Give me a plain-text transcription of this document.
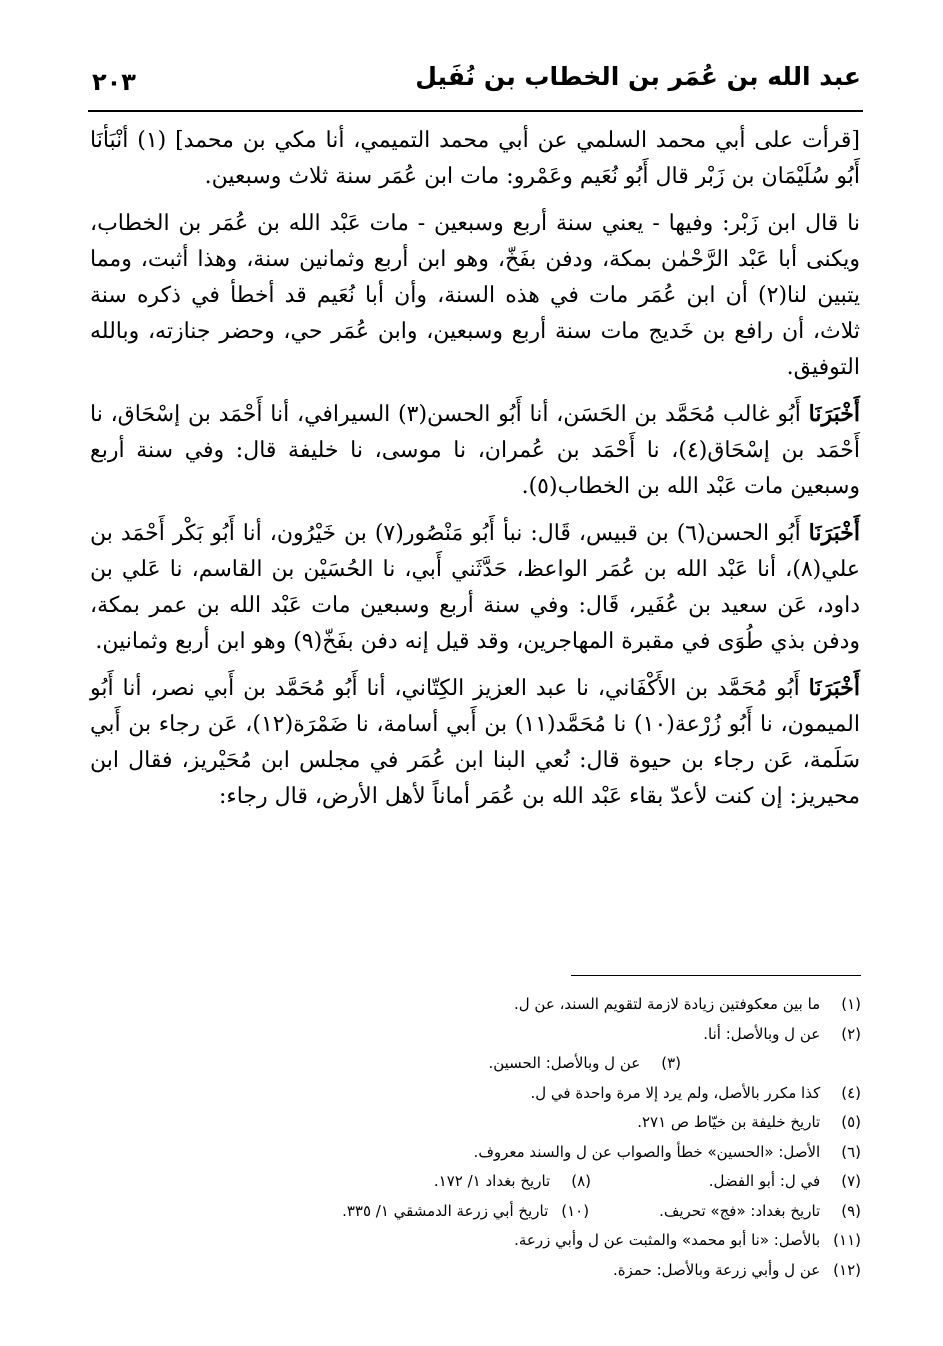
عبد الله بن عُمَر بن الخطاب بن نُفَيل
٢٠٣

[قرأت على أبي محمد السلمي عن أبي محمد التميمي، أنا مكي بن محمد] (١) أنْبَأنَا أَبُو سُلَيْمَان بن زَبْر قال أَبُو نُعَيم وعَمْرو: مات ابن عُمَر سنة ثلاث وسبعين.

نا قال ابن زَبْر: وفيها - يعني سنة أربع وسبعين - مات عَبْد الله بن عُمَر بن الخطاب، ويكنى أبا عَبْد الرَّحْمٰن بمكة، ودفن بفَخّ، وهو ابن أربع وثمانين سنة، وهذا أثبت، ومما يتبين لنا(٢) أن ابن عُمَر مات في هذه السنة، وأن أبا نُعَيم قد أخطأ في ذكره سنة ثلاث، أن رافع بن خَديج مات سنة أربع وسبعين، وابن عُمَر حي، وحضر جنازته، وبالله التوفيق.

أَخْبَرَنَا أَبُو غالب مُحَمَّد بن الحَسَن، أنا أَبُو الحسن(٣) السيرافي، أنا أَحْمَد بن إسْحَاق، نا أَحْمَد بن إسْحَاق(٤)، نا أَحْمَد بن عُمران، نا موسى، نا خليفة قال: وفي سنة أربع وسبعين مات عَبْد الله بن الخطاب(٥).

أَخْبَرَنَا أَبُو الحسن(٦) بن قبيس، قَال: نبأ أَبُو مَنْصُور(٧) بن خَيْرُون، أنا أَبُو بَكْر أَحْمَد بن علي(٨)، أنا عَبْد الله بن عُمَر الواعظ، حَدَّثَني أَبي، نا الحُسَيْن بن القاسم، نا عَلي بن داود، عَن سعيد بن عُفَير، قَال: وفي سنة أربع وسبعين مات عَبْد الله بن عمر بمكة، ودفن بذي طُوَى في مقبرة المهاجرين، وقد قيل إنه دفن بفَخّ(٩) وهو ابن أربع وثمانين.

أَخْبَرَنَا أَبُو مُحَمَّد بن الأَكْفَاني، نا عبد العزيز الكِتّاني، أنا أَبُو مُحَمَّد بن أَبي نصر، أنا أَبُو الميمون، نا أَبُو زُرْعة(١٠) نا مُحَمَّد(١١) بن أَبي أسامة، نا ضَمْرَة(١٢)، عَن رجاء بن أَبي سَلَمة، عَن رجاء بن حيوة قال: نُعي البنا ابن عُمَر في مجلس ابن مُحَيْريز، فقال ابن محيريز: إن كنت لأعدّ بقاء عَبْد الله بن عُمَر أماناً لأهل الأرض، قال رجاء:

(١) ما بين معكوفتين زيادة لازمة لتقويم السند، عن ل.
(٢) عن ل وبالأصل: أنا.
(٣) عن ل وبالأصل: الحسين.
(٤) كذا مكرر بالأصل، ولم يرد إلا مرة واحدة في ل.
(٥) تاريخ خليفة بن خيّاط ص ٢٧١.
(٦) الأصل: «الحسين» خطأ والصواب عن ل والسند معروف.
(٧) في ل: أبو الفضل.
(٨) تاريخ بغداد ١/ ١٧٢.
(٩) تاريخ بغداد: «فج» تحريف.
(١٠) تاريخ أبي زرعة الدمشقي ١/ ٣٣٥.
(١١) بالأصل: «نا أبو محمد» والمثبت عن ل وأبي زرعة.
(١٢) عن ل وأبي زرعة وبالأصل: حمزة.
